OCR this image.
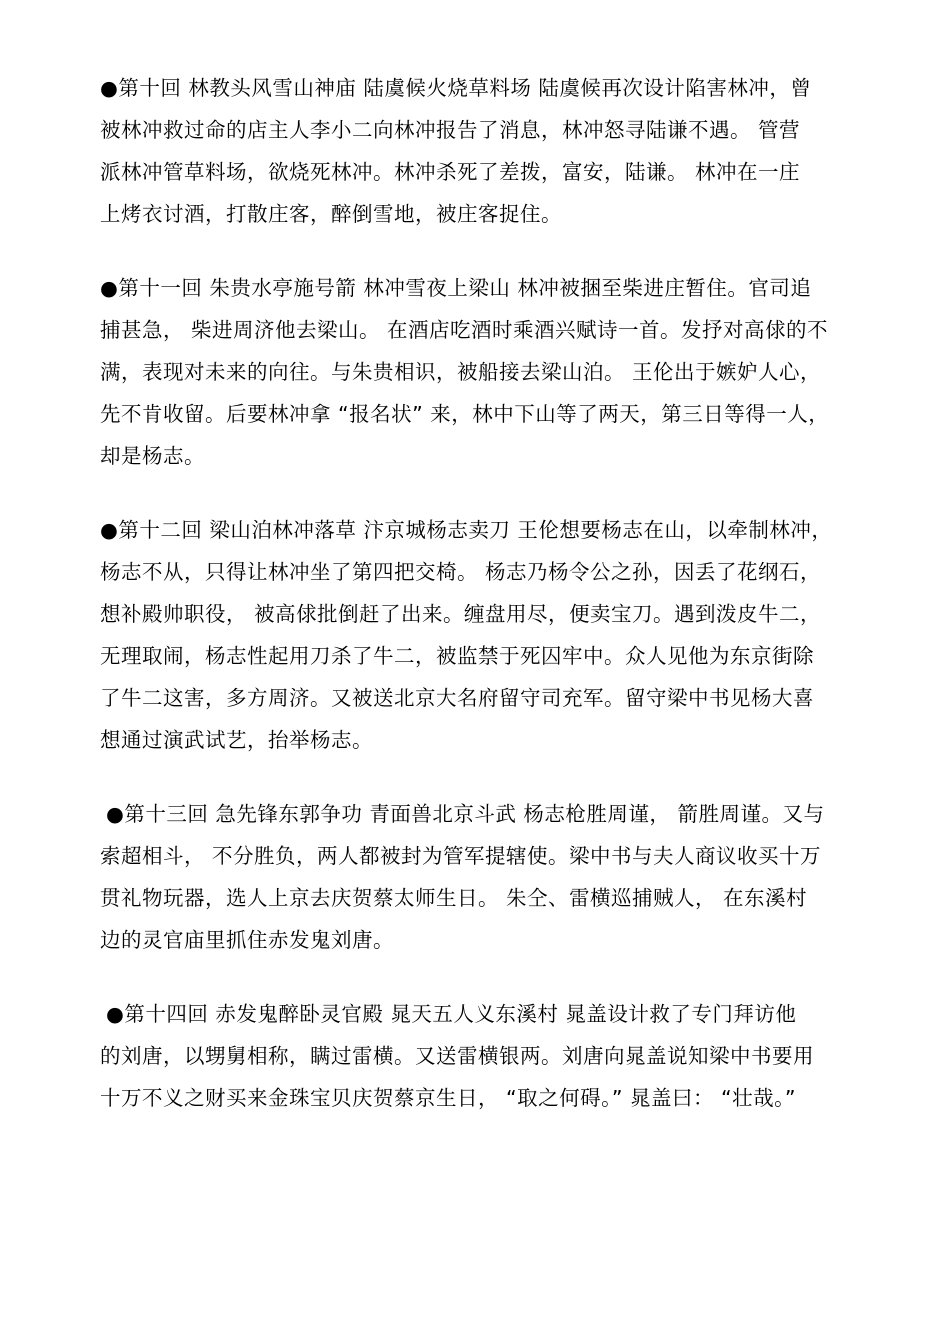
●第十回 林教头风雪山神庙 陆虞候火烧草料场 陆虞候再次设计陷害林冲，曾
被林冲救过命的店主人李小二向林冲报告了消息，林冲怒寻陆谦不遇。 管营
派林冲管草料场，欲烧死林冲。林冲杀死了差拨，富安，陆谦。 林冲在一庄
上烤衣讨酒，打散庄客，醉倒雪地，被庄客捉住。
●第十一回 朱贵水亭施号箭 林冲雪夜上梁山 林冲被捆至柴进庄暂住。官司追
捕甚急， 柴进周济他去梁山。 在酒店吃酒时乘酒兴赋诗一首。发抒对高俅的不
满，表现对未来的向往。与朱贵相识，被船接去梁山泊。 王伦出于嫉妒人心，
先不肯收留。后要林冲拿 “报名状” 来，林中下山等了两天，第三日等得一人，
却是杨志。
●第十二回 梁山泊林冲落草 汴京城杨志卖刀 王伦想要杨志在山，以牵制林冲，
杨志不从，只得让林冲坐了第四把交椅。 杨志乃杨令公之孙，因丢了花纲石，
想补殿帅职役， 被高俅批倒赶了出来。缠盘用尽，便卖宝刀。遇到泼皮牛二，
无理取闹，杨志性起用刀杀了牛二，被监禁于死囚牢中。众人见他为东京街除
了牛二这害，多方周济。又被送北京大名府留守司充军。留守梁中书见杨大喜
想通过演武试艺，抬举杨志。
●第十三回 急先锋东郭争功 青面兽北京斗武 杨志枪胜周谨， 箭胜周谨。又与
索超相斗， 不分胜负，两人都被封为管军提辖使。梁中书与夫人商议收买十万
贯礼物玩器，选人上京去庆贺蔡太师生日。 朱仝、雷横巡捕贼人， 在东溪村
边的灵官庙里抓住赤发鬼刘唐。
●第十四回 赤发鬼醉卧灵官殿 晁天五人义东溪村 晁盖设计救了专门拜访他
的刘唐，以甥舅相称，瞒过雷横。又送雷横银两。刘唐向晁盖说知梁中书要用
十万不义之财买来金珠宝贝庆贺蔡京生日， “取之何碍。” 晁盖曰： “壮哉。”
